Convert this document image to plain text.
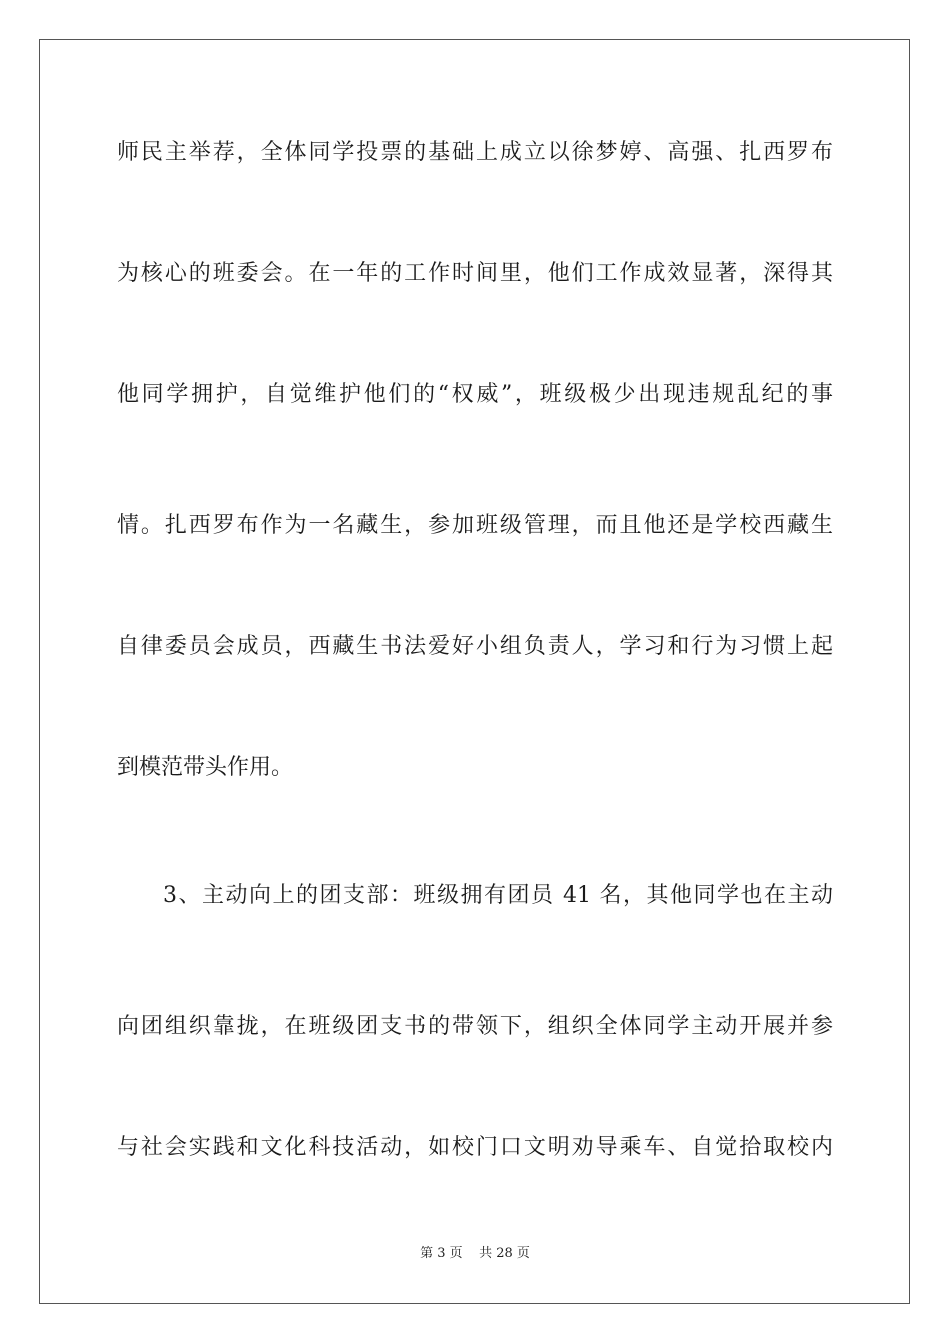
师民主举荐，全体同学投票的基础上成立以徐梦婷、高强、扎西罗布
为核心的班委会。在一年的工作时间里，他们工作成效显著，深得其
他同学拥护，自觉维护他们的“权威”，班级极少出现违规乱纪的事
情。扎西罗布作为一名藏生，参加班级管理，而且他还是学校西藏生
自律委员会成员，西藏生书法爱好小组负责人，学习和行为习惯上起
到模范带头作用。
3、主动向上的团支部：班级拥有团员 41 名，其他同学也在主动
向团组织靠拢，在班级团支书的带领下，组织全体同学主动开展并参
与社会实践和文化科技活动，如校门口文明劝导乘车、自觉拾取校内
第 3 页    共 28 页
